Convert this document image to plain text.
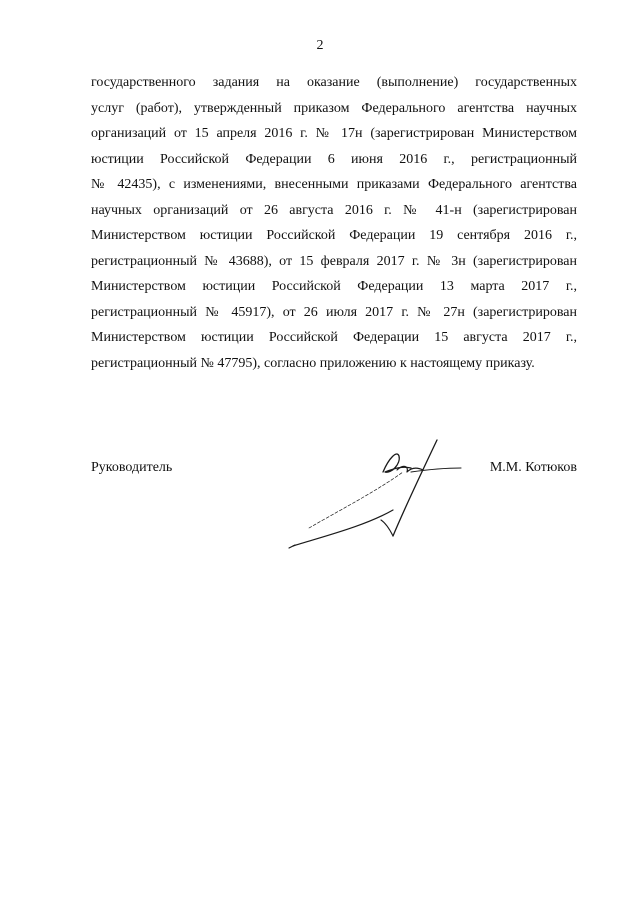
2
государственного задания на оказание (выполнение) государственных
услуг (работ), утвержденный приказом Федерального агентства научных
организаций от 15 апреля 2016 г. № 17н (зарегистрирован Министерством
юстиции Российской Федерации 6 июня 2016 г., регистрационный
№ 42435), с изменениями, внесенными приказами Федерального агентства
научных организаций от 26 августа 2016 г. № 41-н (зарегистрирован
Министерством юстиции Российской Федерации 19 сентября 2016 г.,
регистрационный № 43688), от 15 февраля 2017 г. № 3н (зарегистрирован
Министерством юстиции Российской Федерации 13 марта 2017 г.,
регистрационный № 45917), от 26 июля 2017 г. № 27н (зарегистрирован
Министерством юстиции Российской Федерации 15 августа 2017 г.,
регистрационный № 47795), согласно приложению к настоящему приказу.
Руководитель	М.М. Котюков
